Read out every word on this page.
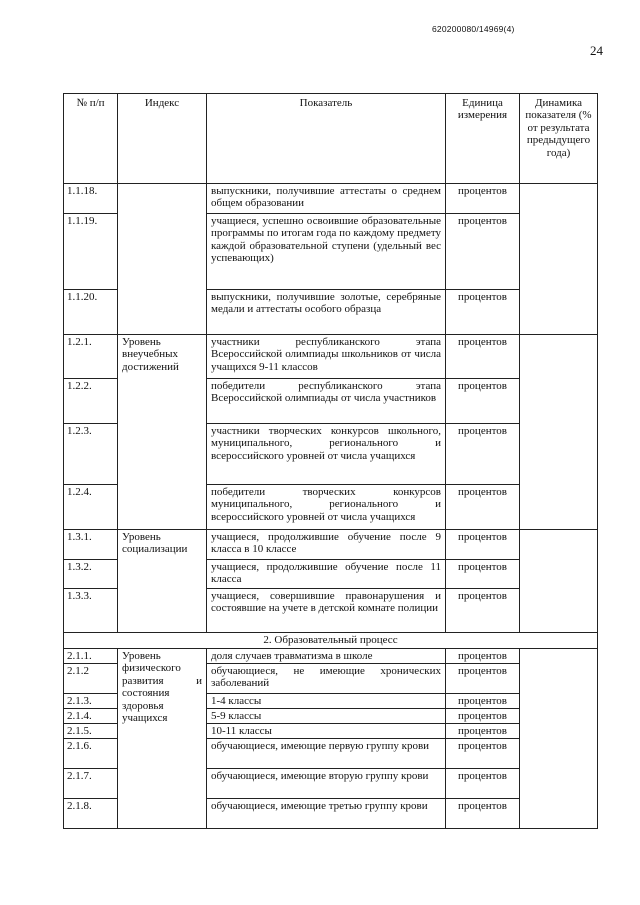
620200080/14969(4)
24
№ п/п	Индекс	Показатель	Единица измерения	Динамика показателя (% от результата предыдущего года)
1.1.18.		выпускники, получившие аттестаты о среднем общем образовании	процентов	
1.1.19.		учащиеся, успешно освоившие образовательные программы по итогам года по каждому предмету каждой образовательной ступени (удельный вес успевающих)	процентов	
1.1.20.		выпускники, получившие золотые, серебряные медали и аттестаты особого образца	процентов	
1.2.1.	Уровень внеучебных достижений	участники республиканского этапа Всероссийской олимпиады школьников от числа учащихся 9-11 классов	процентов	
1.2.2.		победители республиканского этапа Всероссийской олимпиады от числа участников	процентов	
1.2.3.		участники творческих конкурсов школьного, муниципального, регионального и всероссийского уровней от числа учащихся	процентов	
1.2.4.		победители творческих конкурсов муниципального, регионального и всероссийского уровней от числа учащихся	процентов	
1.3.1.	Уровень социализации	учащиеся, продолжившие обучение после 9 класса в 10 классе	процентов	
1.3.2.		учащиеся, продолжившие обучение после 11 класса	процентов	
1.3.3.		учащиеся, совершившие правонарушения и состоявшие на учете в детской комнате полиции	процентов	
2. Образовательный процесс				
2.1.1.	Уровень физического развития и состояния здоровья учащихся	доля случаев травматизма в школе	процентов	
2.1.2		обучающиеся, не имеющие хронических заболеваний	процентов	
2.1.3.		1-4 классы	процентов	
2.1.4.		5-9 классы	процентов	
2.1.5.		10-11 классы	процентов	
2.1.6.		обучающиеся, имеющие первую группу крови	процентов	
2.1.7.		обучающиеся, имеющие вторую группу крови	процентов	
2.1.8.		обучающиеся, имеющие третью группу крови	процентов	
